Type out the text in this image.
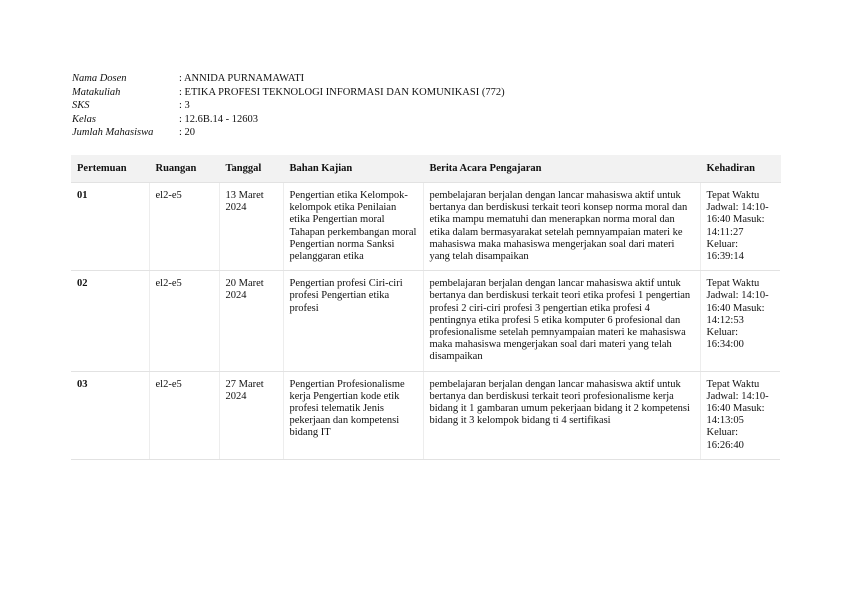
Nama Dosen	: ANNIDA PURNAMAWATI
Matakuliah	: ETIKA PROFESI TEKNOLOGI INFORMASI DAN KOMUNIKASI (772)
SKS	: 3
Kelas	: 12.6B.14 - 12603
Jumlah Mahasiswa	: 20
Pertemuan	Ruangan	Tanggal	Bahan Kajian	Berita Acara Pengajaran	Kehadiran
01	el2-e5	13 Maret 2024	Pengertian etika Kelompok-kelompok etika Penilaian etika Pengertian moral Tahapan perkembangan moral Pengertian norma Sanksi pelanggaran etika	pembelajaran berjalan dengan lancar mahasiswa aktif untuk bertanya dan berdiskusi terkait teori konsep norma moral dan etika mampu mematuhi dan menerapkan norma moral dan etika dalam bermasyarakat setelah pemnyampaian materi ke mahasiswa maka mahasiswa mengerjakan soal dari materi yang telah disampaikan	Tepat Waktu Jadwal: 14:10-16:40 Masuk: 14:11:27 Keluar: 16:39:14
02	el2-e5	20 Maret 2024	Pengertian profesi Ciri-ciri profesi Pengertian etika profesi	pembelajaran berjalan dengan lancar mahasiswa aktif untuk bertanya dan berdiskusi terkait teori etika profesi 1 pengertian profesi 2 ciri-ciri profesi 3 pengertian etika profesi 4 pentingnya etika profesi 5 etika komputer 6 profesional dan profesionalisme setelah pemnyampaian materi ke mahasiswa maka mahasiswa mengerjakan soal dari materi yang telah disampaikan	Tepat Waktu Jadwal: 14:10-16:40 Masuk: 14:12:53 Keluar: 16:34:00
03	el2-e5	27 Maret 2024	Pengertian Profesionalisme kerja Pengertian kode etik profesi telematik Jenis pekerjaan dan kompetensi bidang IT	pembelajaran berjalan dengan lancar mahasiswa aktif untuk bertanya dan berdiskusi terkait teori profesionalisme kerja bidang it 1 gambaran umum pekerjaan bidang it 2 kompetensi bidang it 3 kelompok bidang ti 4 sertifikasi	Tepat Waktu Jadwal: 14:10-16:40 Masuk: 14:13:05 Keluar: 16:26:40
